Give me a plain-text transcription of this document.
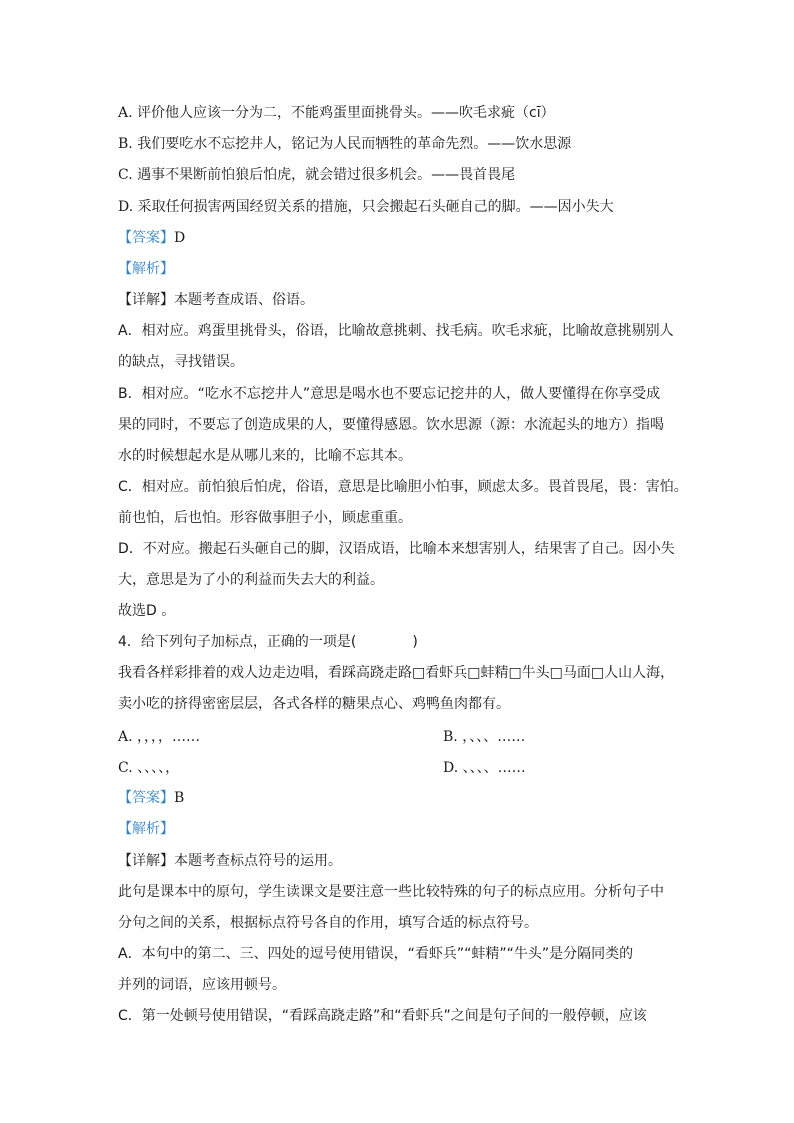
A. 评价他人应该一分为二，不能鸡蛋里面挑骨头。——吹毛求疵（cī）
B. 我们要吃水不忘挖井人，铭记为人民而牺牲的革命先烈。——饮水思源
C. 遇事不果断前怕狼后怕虎，就会错过很多机会。——畏首畏尾
D. 采取任何损害两国经贸关系的措施，只会搬起石头砸自己的脚。——因小失大
【答案】D
【解析】
【详解】本题考查成语、俗语。
A．相对应。鸡蛋里挑骨头，俗语，比喻故意挑刺、找毛病。吹毛求疵，比喻故意挑剔别人
的缺点，寻找错误。
B．相对应。“吃水不忘挖井人”意思是喝水也不要忘记挖井的人，做人要懂得在你享受成
果的同时，不要忘了创造成果的人，要懂得感恩。饮水思源（源：水流起头的地方）指喝
水的时候想起水是从哪儿来的，比喻不忘其本。
C．相对应。前怕狼后怕虎，俗语，意思是比喻胆小怕事，顾虑太多。畏首畏尾，畏：害怕。
前也怕，后也怕。形容做事胆子小，顾虑重重。
D．不对应。搬起石头砸自己的脚，汉语成语，比喻本来想害别人，结果害了自己。因小失
大，意思是为了小的利益而失去大的利益。
故选D 。
4．给下列句子加标点，正确的一项是(　　　　)
我看各样彩排着的戏人边走边唱，看踩高跷走路□看虾兵□蚌精□牛头□马面□人山人海，
卖小吃的挤得密密层层，各式各样的糖果点心、鸡鸭鱼肉都有。
A. ，，，，……	B. ，、、、……
C. 、、、、，	D. 、、、、……
【答案】B
【解析】
【详解】本题考查标点符号的运用。
此句是课本中的原句，学生读课文是要注意一些比较特殊的句子的标点应用。分析句子中
分句之间的关系，根据标点符号各自的作用，填写合适的标点符号。
A．本句中的第二、三、四处的逗号使用错误，“看虾兵”“蚌精”“牛头”是分隔同类的
并列的词语，应该用顿号。
C．第一处顿号使用错误，“看踩高跷走路”和“看虾兵”之间是句子间的一般停顿，应该
